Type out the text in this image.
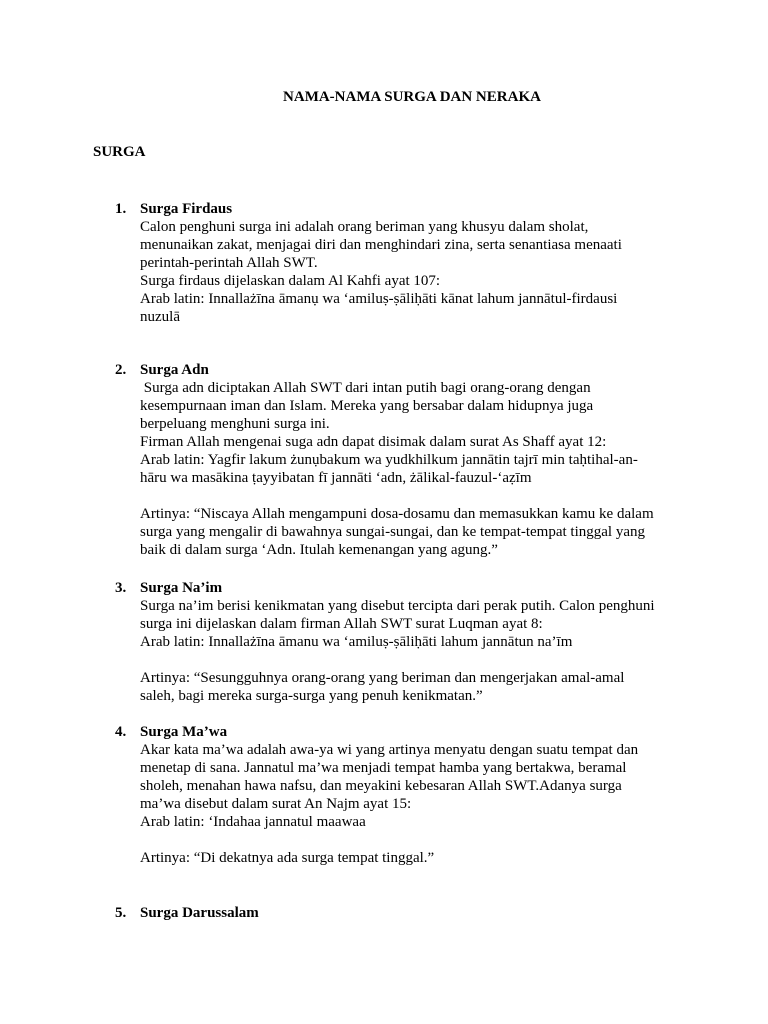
NAMA-NAMA SURGA DAN NERAKA
SURGA
1. Surga Firdaus

Calon penghuni surga ini adalah orang beriman yang khusyu dalam sholat,

menunaikan zakat, menjagai diri dan menghindari zina, serta senantiasa menaati

perintah-perintah Allah SWT.

Surga firdaus dijelaskan dalam Al Kahfi ayat 107:

Arab latin: Innallażīna āmanụ wa ‘amiluṣ-ṣāliḥāti kānat lahum jannātul-firdausi

nuzulā

2. Surga Adn

Surga adn diciptakan Allah SWT dari intan putih bagi orang-orang dengan

kesempurnaan iman dan Islam. Mereka yang bersabar dalam hidupnya juga

berpeluang menghuni surga ini.

Firman Allah mengenai suga adn dapat disimak dalam surat As Shaff ayat 12:

Arab latin: Yagfir lakum żunụbakum wa yudkhilkum jannātin tajrī min taḥtihal-an-

hāru wa masākina ṭayyibatan fī jannāti ‘adn, żālikal-fauzul-‘aẓīm

Artinya: “Niscaya Allah mengampuni dosa-dosamu dan memasukkan kamu ke dalam

surga yang mengalir di bawahnya sungai-sungai, dan ke tempat-tempat tinggal yang

baik di dalam surga ‘Adn. Itulah kemenangan yang agung.”

3. Surga Na’im

Surga na’im berisi kenikmatan yang disebut tercipta dari perak putih. Calon penghuni

surga ini dijelaskan dalam firman Allah SWT surat Luqman ayat 8:

Arab latin: Innallażīna āmanu wa ‘amiluṣ-ṣāliḥāti lahum jannātun na’īm

Artinya: “Sesungguhnya orang-orang yang beriman dan mengerjakan amal-amal

saleh, bagi mereka surga-surga yang penuh kenikmatan.”

4. Surga Ma’wa

Akar kata ma’wa adalah awa-ya wi yang artinya menyatu dengan suatu tempat dan

menetap di sana. Jannatul ma’wa menjadi tempat hamba yang bertakwa, beramal

sholeh, menahan hawa nafsu, dan meyakini kebesaran Allah SWT.Adanya surga

ma’wa disebut dalam surat An Najm ayat 15:

Arab latin: ‘Indahaa jannatul maawaa

Artinya: “Di dekatnya ada surga tempat tinggal.”

5. Surga Darussalam
